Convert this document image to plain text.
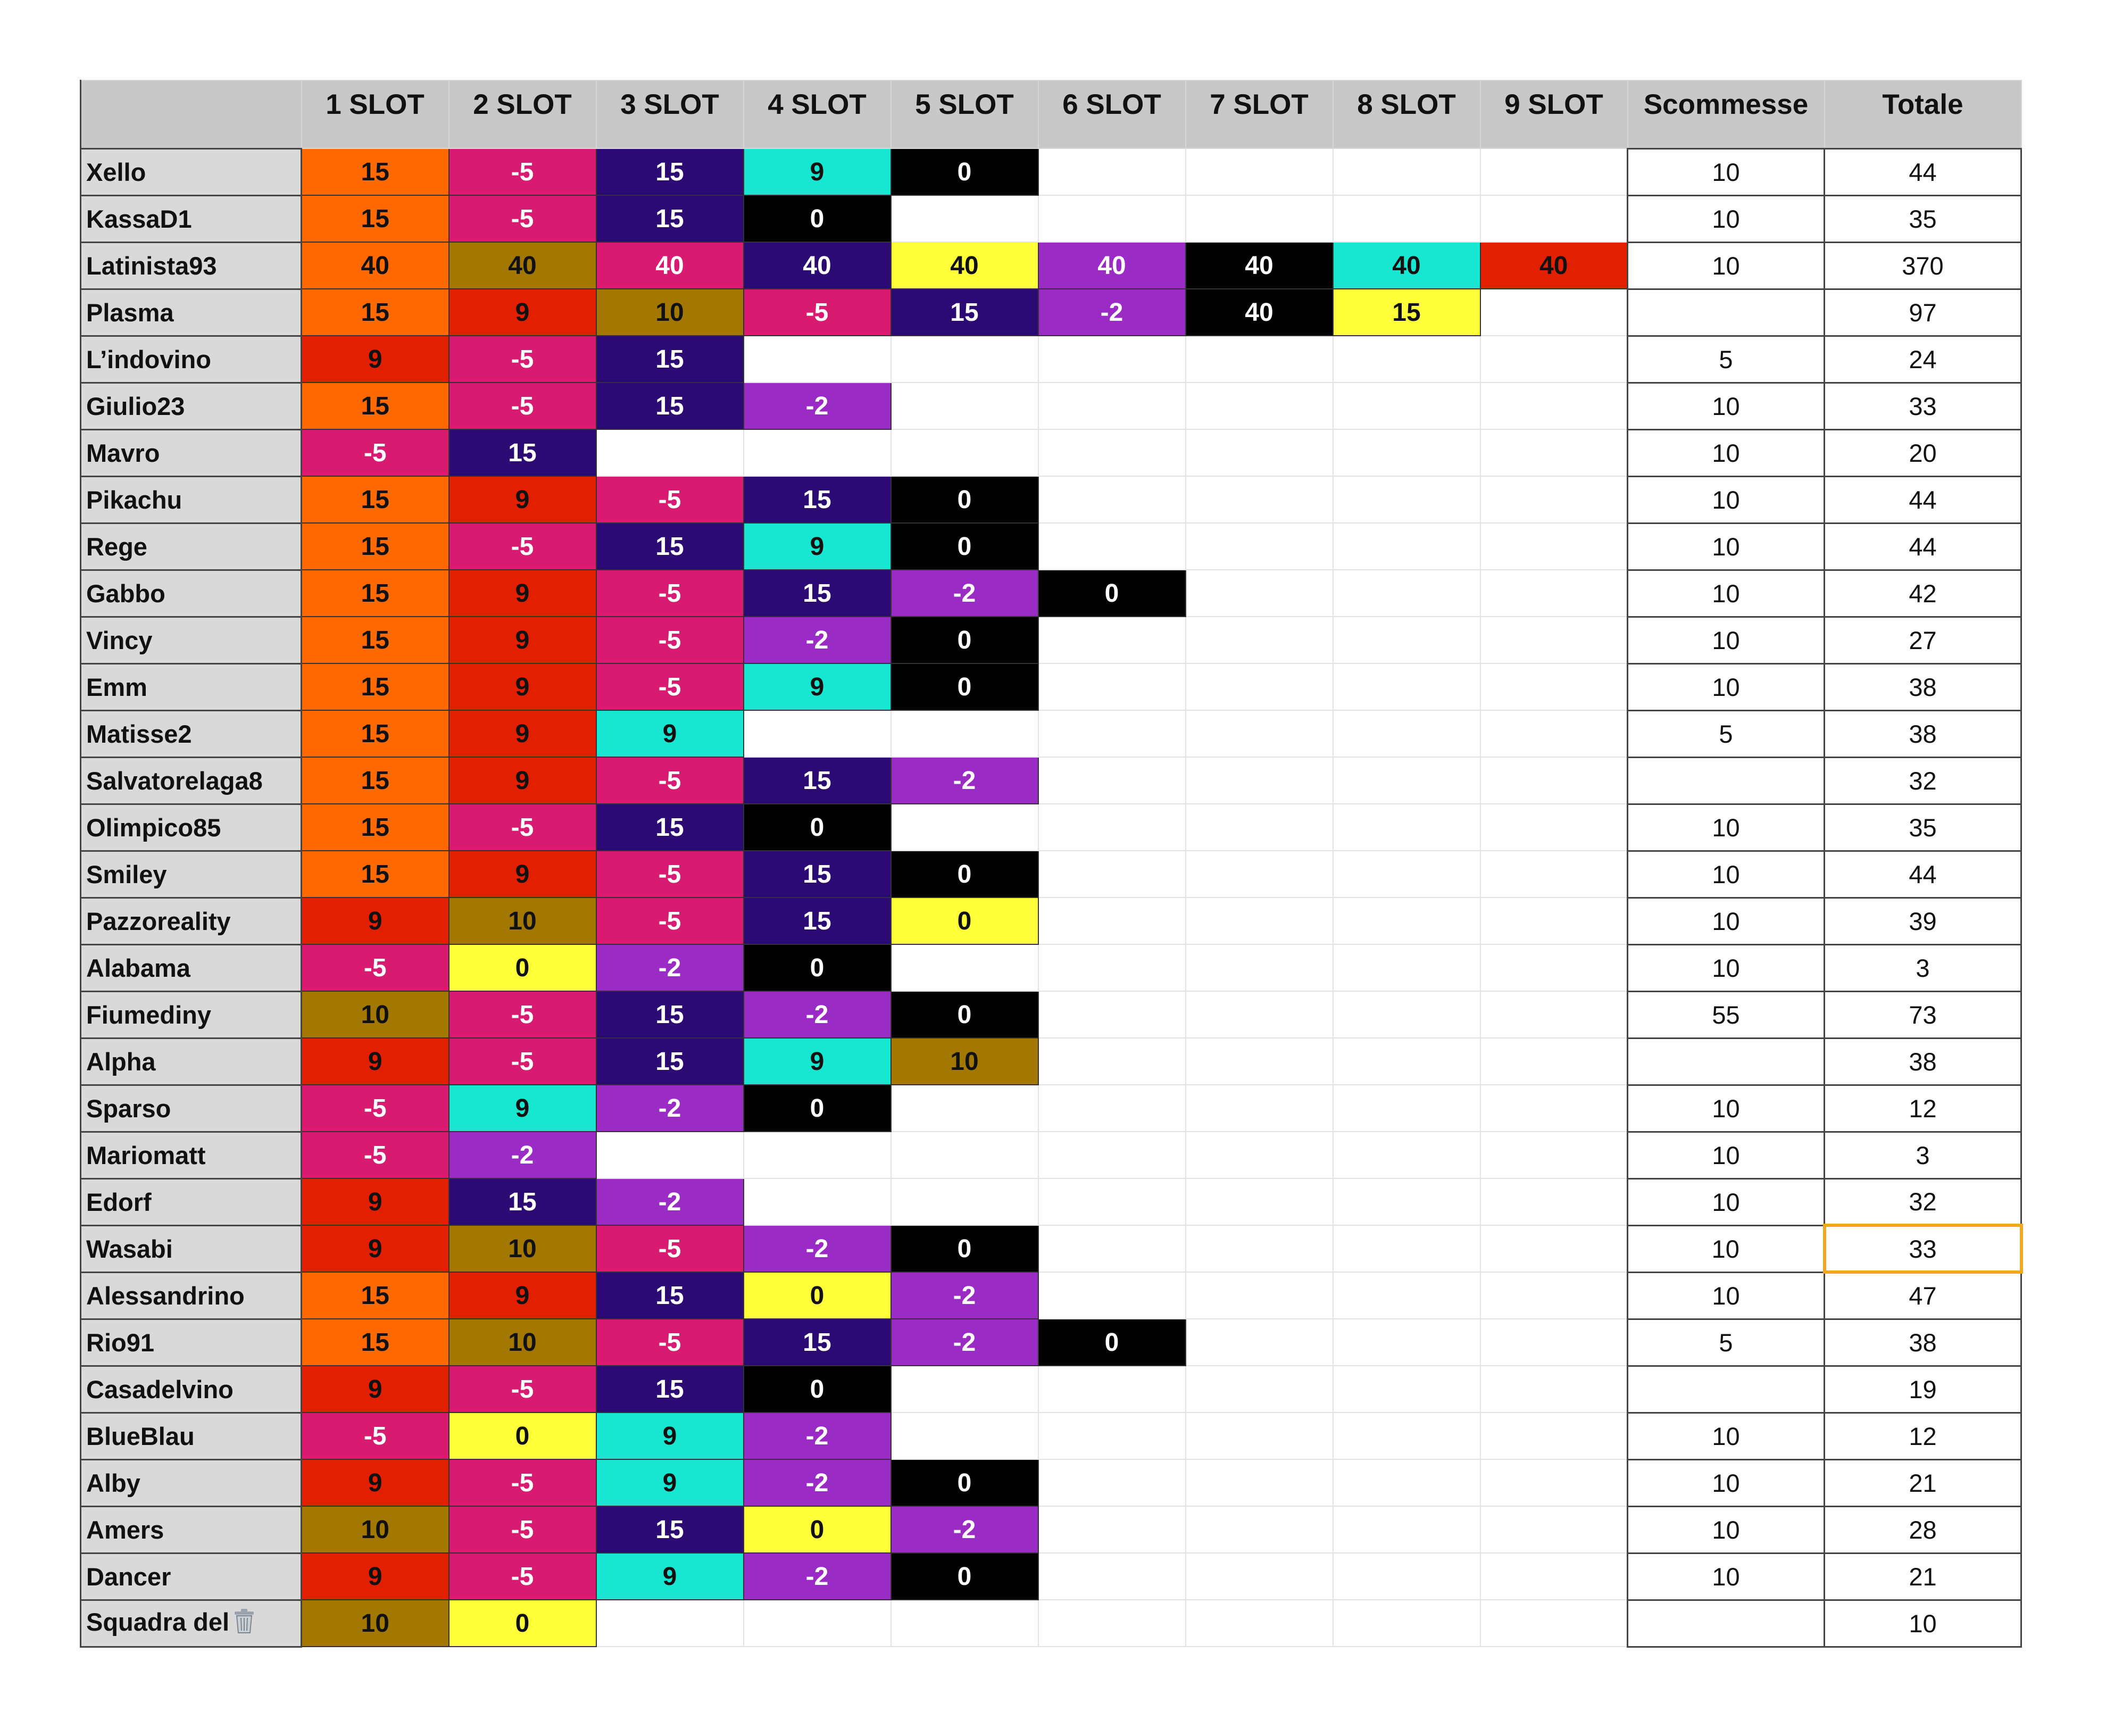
	1 SLOT	2 SLOT	3 SLOT	4 SLOT	5 SLOT	6 SLOT	7 SLOT	8 SLOT	9 SLOT	Scommesse	Totale
Xello	15	-5	15	9	0					10	44
KassaD1	15	-5	15	0						10	35
Latinista93	40	40	40	40	40	40	40	40	40	10	370
Plasma	15	9	10	-5	15	-2	40	15			97
L’indovino	9	-5	15							5	24
Giulio23	15	-5	15	-2						10	33
Mavro	-5	15								10	20
Pikachu	15	9	-5	15	0					10	44
Rege	15	-5	15	9	0					10	44
Gabbo	15	9	-5	15	-2	0				10	42
Vincy	15	9	-5	-2	0					10	27
Emm	15	9	-5	9	0					10	38
Matisse2	15	9	9							5	38
Salvatorelaga8	15	9	-5	15	-2						32
Olimpico85	15	-5	15	0						10	35
Smiley	15	9	-5	15	0					10	44
Pazzoreality	9	10	-5	15	0					10	39
Alabama	-5	0	-2	0						10	3
Fiumediny	10	-5	15	-2	0					55	73
Alpha	9	-5	15	9	10						38
Sparso	-5	9	-2	0						10	12
Mariomatt	-5	-2								10	3
Edorf	9	15	-2							10	32
Wasabi	9	10	-5	-2	0					10	33
Alessandrino	15	9	15	0	-2					10	47
Rio91	15	10	-5	15	-2	0				5	38
Casadelvino	9	-5	15	0							19
BlueBlau	-5	0	9	-2						10	12
Alby	9	-5	9	-2	0					10	21
Amers	10	-5	15	0	-2					10	28
Dancer	9	-5	9	-2	0					10	21
Squadra del	10	0									10
